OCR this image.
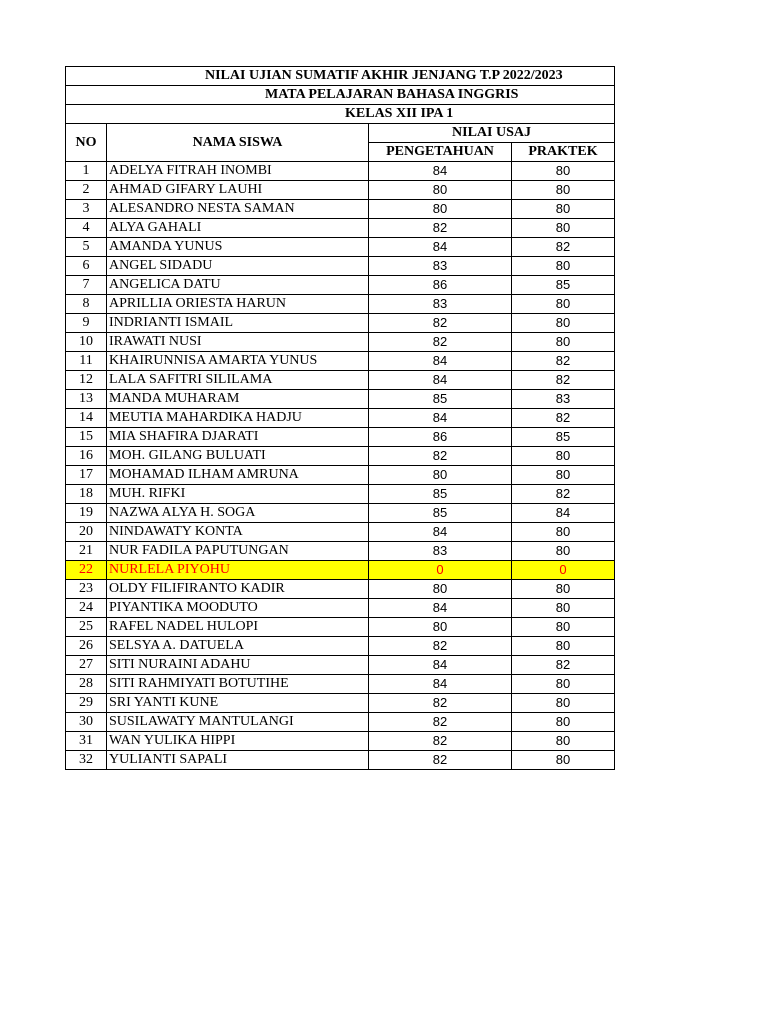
NILAI UJIAN SUMATIF AKHIR JENJANG T.P 2022/2023			
MATA PELAJARAN BAHASA INGGRIS			
KELAS XII IPA 1			
NO	NAMA SISWA	NILAI USAJ	
		PENGETAHUAN	PRAKTEK
1	ADELYA FITRAH INOMBI	84	80
2	AHMAD GIFARY LAUHI	80	80
3	ALESANDRO NESTA SAMAN	80	80
4	ALYA GAHALI	82	80
5	AMANDA YUNUS	84	82
6	ANGEL SIDADU	83	80
7	ANGELICA DATU	86	85
8	APRILLIA ORIESTA HARUN	83	80
9	INDRIANTI ISMAIL	82	80
10	IRAWATI NUSI	82	80
11	KHAIRUNNISA AMARTA YUNUS	84	82
12	LALA SAFITRI SILILAMA	84	82
13	MANDA MUHARAM	85	83
14	MEUTIA MAHARDIKA HADJU	84	82
15	MIA SHAFIRA DJARATI	86	85
16	MOH. GILANG BULUATI	82	80
17	MOHAMAD ILHAM AMRUNA	80	80
18	MUH. RIFKI	85	82
19	NAZWA ALYA H. SOGA	85	84
20	NINDAWATY KONTA	84	80
21	NUR FADILA PAPUTUNGAN	83	80
22	NURLELA PIYOHU	0	0
23	OLDY FILIFIRANTO KADIR	80	80
24	PIYANTIKA MOODUTO	84	80
25	RAFEL NADEL HULOPI	80	80
26	SELSYA A. DATUELA	82	80
27	SITI NURAINI ADAHU	84	82
28	SITI RAHMIYATI BOTUTIHE	84	80
29	SRI YANTI KUNE	82	80
30	SUSILAWATY MANTULANGI	82	80
31	WAN YULIKA HIPPI	82	80
32	YULIANTI SAPALI	82	80
